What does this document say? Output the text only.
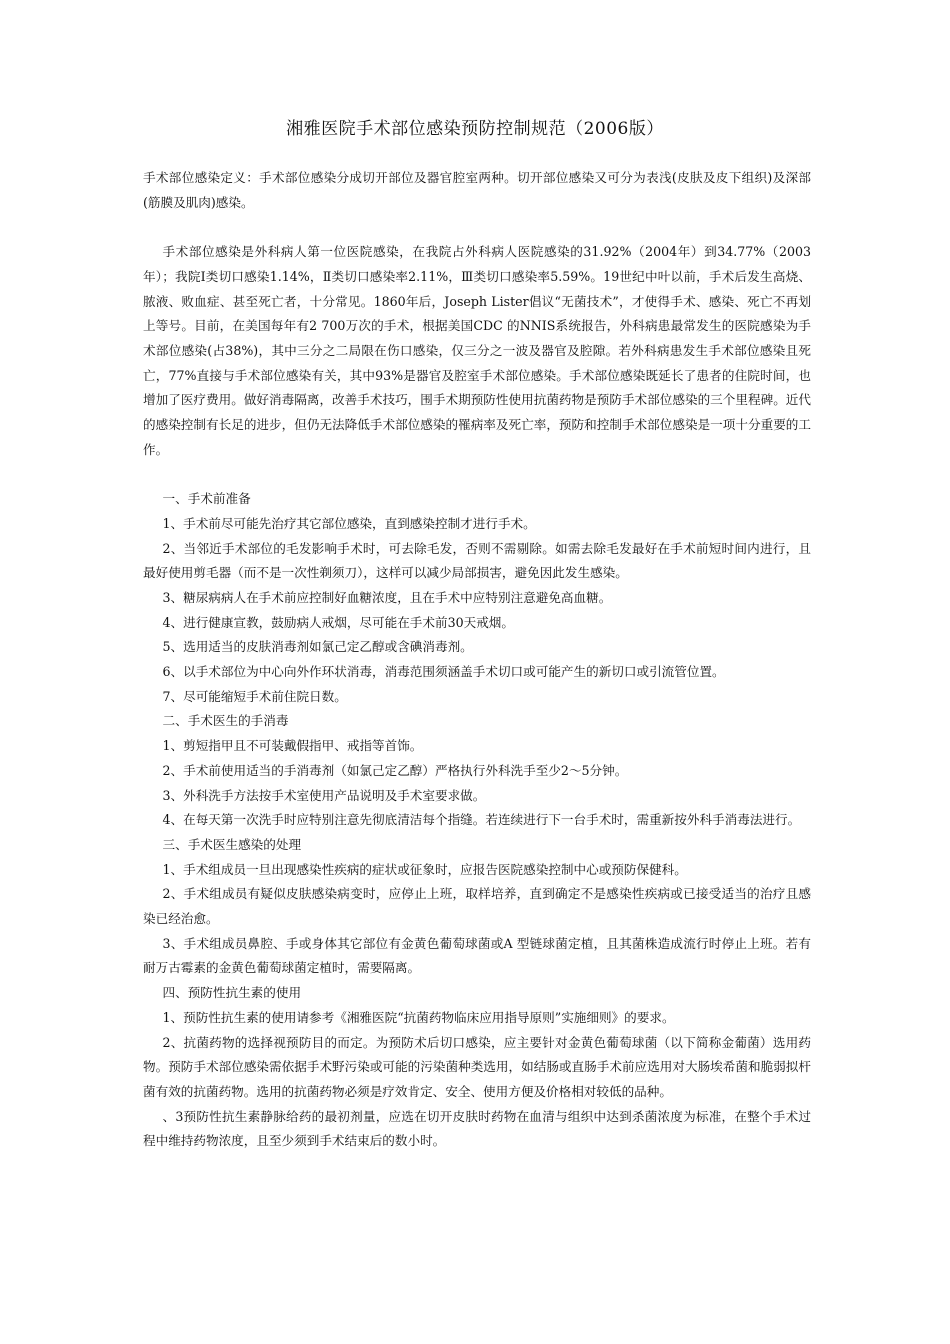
湘雅医院手术部位感染预防控制规范（2006版）

手术部位感染定义：手术部位感染分成切开部位及器官腔室两种。切开部位感染又可分为表浅(皮肤及皮下组织)及深部(筋膜及肌肉)感染。

手术部位感染是外科病人第一位医院感染，在我院占外科病人医院感染的31.92%（2004年）到34.77%（2003年）；我院Ⅰ类切口感染1.14%，Ⅱ类切口感染率2.11%，Ⅲ类切口感染率5.59%。19世纪中叶以前，手术后发生高烧、脓液、败血症、甚至死亡者，十分常见。1860年后，Joseph Lister倡议“无菌技术”，才使得手术、感染、死亡不再划上等号。目前，在美国每年有2 700万次的手术，根据美国CDC 的NNIS系统报告，外科病患最常发生的医院感染为手术部位感染(占38%)，其中三分之二局限在伤口感染，仅三分之一波及器官及腔隙。若外科病患发生手术部位感染且死亡，77%直接与手术部位感染有关，其中93%是器官及腔室手术部位感染。手术部位感染既延长了患者的住院时间，也增加了医疗费用。做好消毒隔离，改善手术技巧，围手术期预防性使用抗菌药物是预防手术部位感染的三个里程碑。近代的感染控制有长足的进步，但仍无法降低手术部位感染的罹病率及死亡率，预防和控制手术部位感染是一项十分重要的工作。

一、手术前准备

1、手术前尽可能先治疗其它部位感染，直到感染控制才进行手术。

2、当邻近手术部位的毛发影响手术时，可去除毛发，否则不需剔除。如需去除毛发最好在手术前短时间内进行，且最好使用剪毛器（而不是一次性剃须刀），这样可以减少局部损害，避免因此发生感染。

3、糖尿病病人在手术前应控制好血糖浓度，且在手术中应特别注意避免高血糖。

4、进行健康宣教，鼓励病人戒烟，尽可能在手术前30天戒烟。

5、选用适当的皮肤消毒剂如氯己定乙醇或含碘消毒剂。

6、以手术部位为中心向外作环状消毒，消毒范围须涵盖手术切口或可能产生的新切口或引流管位置。

7、尽可能缩短手术前住院日数。

二、手术医生的手消毒

1、剪短指甲且不可装戴假指甲、戒指等首饰。

2、手术前使用适当的手消毒剂（如氯己定乙醇）严格执行外科洗手至少2～5分钟。

3、外科洗手方法按手术室使用产品说明及手术室要求做。

4、在每天第一次洗手时应特别注意先彻底清洁每个指缝。若连续进行下一台手术时，需重新按外科手消毒法进行。

三、手术医生感染的处理

1、手术组成员一旦出现感染性疾病的症状或征象时，应报告医院感染控制中心或预防保健科。

2、手术组成员有疑似皮肤感染病变时，应停止上班，取样培养，直到确定不是感染性疾病或已接受适当的治疗且感染已经治愈。

3、手术组成员鼻腔、手或身体其它部位有金黄色葡萄球菌或A 型链球菌定植，且其菌株造成流行时停止上班。若有耐万古霉素的金黄色葡萄球菌定植时，需要隔离。

四、预防性抗生素的使用

1、预防性抗生素的使用请参考《湘雅医院“抗菌药物临床应用指导原则”实施细则》的要求。

2、抗菌药物的选择视预防目的而定。为预防术后切口感染，应主要针对金黄色葡萄球菌（以下简称金葡菌）选用药物。预防手术部位感染需依据手术野污染或可能的污染菌种类选用，如结肠或直肠手术前应选用对大肠埃希菌和脆弱拟杆菌有效的抗菌药物。选用的抗菌药物必须是疗效肯定、安全、使用方便及价格相对较低的品种。

、3预防性抗生素静脉给药的最初剂量，应选在切开皮肤时药物在血清与组织中达到杀菌浓度为标准，在整个手术过程中维持药物浓度，且至少须到手术结束后的数小时。
